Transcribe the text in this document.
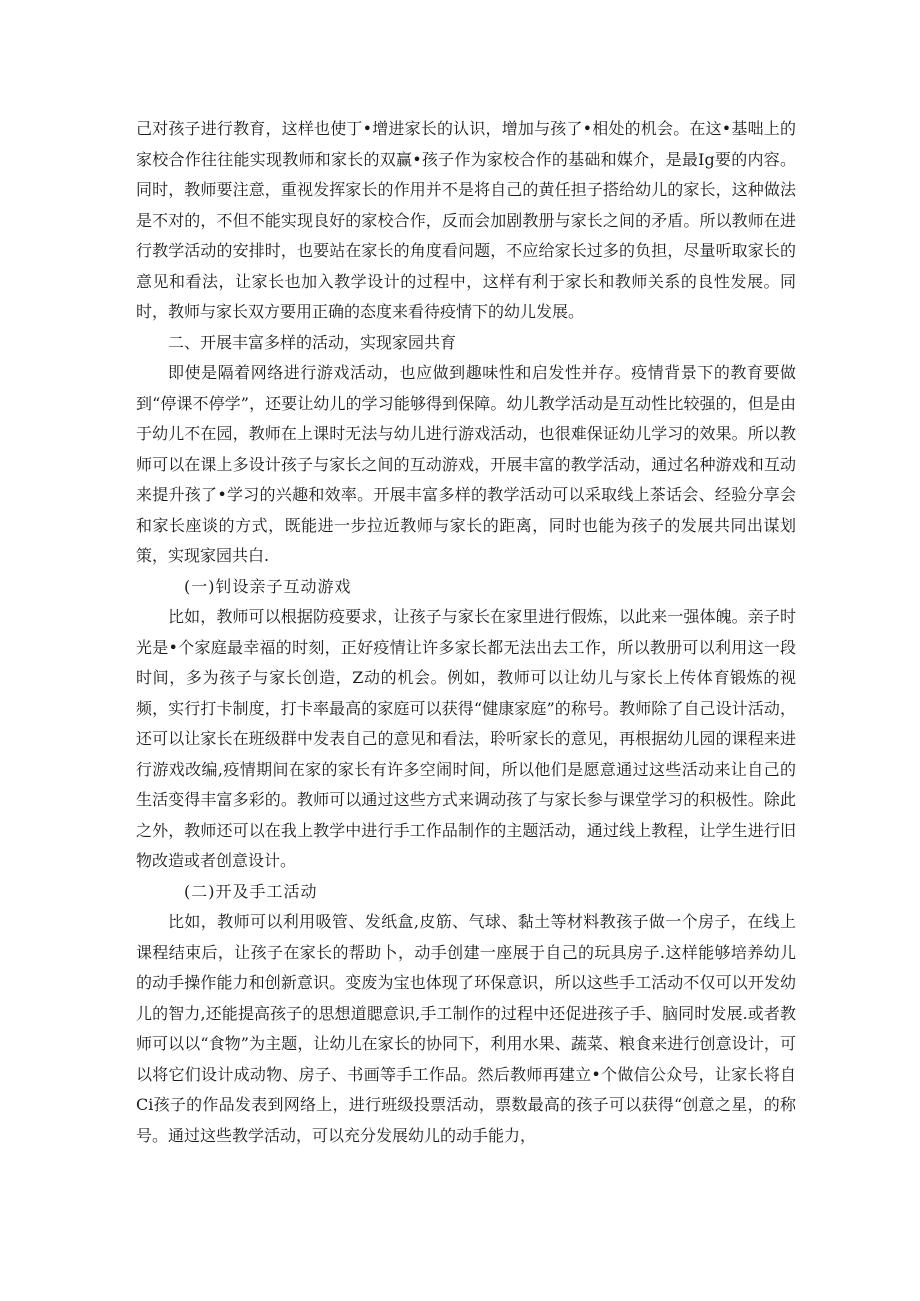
己对孩子进行教育，这样也使丁•增进家长的认识，增加与孩了•相处的机会。在这•基咄上的家校合作往往能实现教师和家长的双赢•孩子作为家校合作的基础和媒介，是最Ig要的内容。同时，教师要注意，重视发挥家长的作用并不是将自己的黄任担子搭给幼儿的家长，这种做法是不对的，不但不能实现良好的家校合作，反而会加剧教册与家长之间的矛盾。所以教师在进行教学活动的安排时，也要站在家长的角度看问题，不应给家长过多的负担，尽量听取家长的意见和看法，让家长也加入教学设计的过程中，这样有利于家长和教师关系的良性发展。同时，教师与家长双方要用正确的态度来看待疫情下的幼儿发展。

二、开展丰富多样的活动，实现家园共育

即使是隔着网络进行游戏活动，也应做到趣味性和启发性并存。疫情背景下的教育要做到“停课不停学”，还要让幼儿的学习能够得到保障。幼儿教学活动是互动性比较强的，但是由于幼儿不在园，教师在上课时无法与幼儿进行游戏活动，也很难保证幼儿学习的效果。所以教师可以在课上多设计孩子与家长之间的互动游戏，开展丰富的教学活动，通过名种游戏和互动来提升孩了•学习的兴趣和效率。开展丰富多样的教学活动可以采取线上茶话会、经验分享会和家长座谈的方式，既能进一步拉近教师与家长的距离，同时也能为孩子的发展共同出谋划策，实现家园共白.

(一)钊设亲子互动游戏

比如，教师可以根据防疫要求，让孩子与家长在家里进行假炼，以此来一强体魄。亲子时光是•个家庭最幸福的时刻，正好疫情让许多家长都无法出去工作，所以教册可以利用这一段时间，多为孩子与家长创造，Z动的机会。例如，教师可以让幼儿与家长上传体育锻炼的视频，实行打卡制度，打卡率最高的家庭可以获得“健康家庭”的称号。教师除了自己设计活动，还可以让家长在班级群中发表自己的意见和看法，聆听家长的意见，再根据幼儿园的课程来进行游戏改编,疫情期间在家的家长有许多空闹时间，所以他们是愿意通过这些活动来让自己的生活变得丰富多彩的。教师可以通过这些方式来调动孩了与家长参与课堂学习的积极性。除此之外，教师还可以在我上教学中进行手工作品制作的主题活动，通过线上教程，让学生进行旧物改造或者创意设计。

(二)开及手工活动

比如，教师可以利用吸管、发纸盒,皮筋、气球、黏土等材料教孩子做一个房子，在线上课程结束后，让孩子在家长的帮助卜，动手创建一座展于自己的玩具房子.这样能够培养幼儿的动手操作能力和创新意识。变废为宝也体现了环保意识，所以这些手工活动不仅可以开发幼儿的智力,还能提高孩子的思想道腮意识,手工制作的过程中还促进孩子手、脑同时发展.或者教师可以以“食物”为主题，让幼儿在家长的协同下，利用水果、蔬菜、粮食来进行创意设计，可以将它们设计成动物、房子、书画等手工作品。然后教师再建立•个做信公众号，让家长将自Ci孩子的作品发表到网络上，进行班级投票活动，票数最高的孩子可以获得“创意之星，的称号。通过这些教学活动，可以充分发展幼儿的动手能力，
